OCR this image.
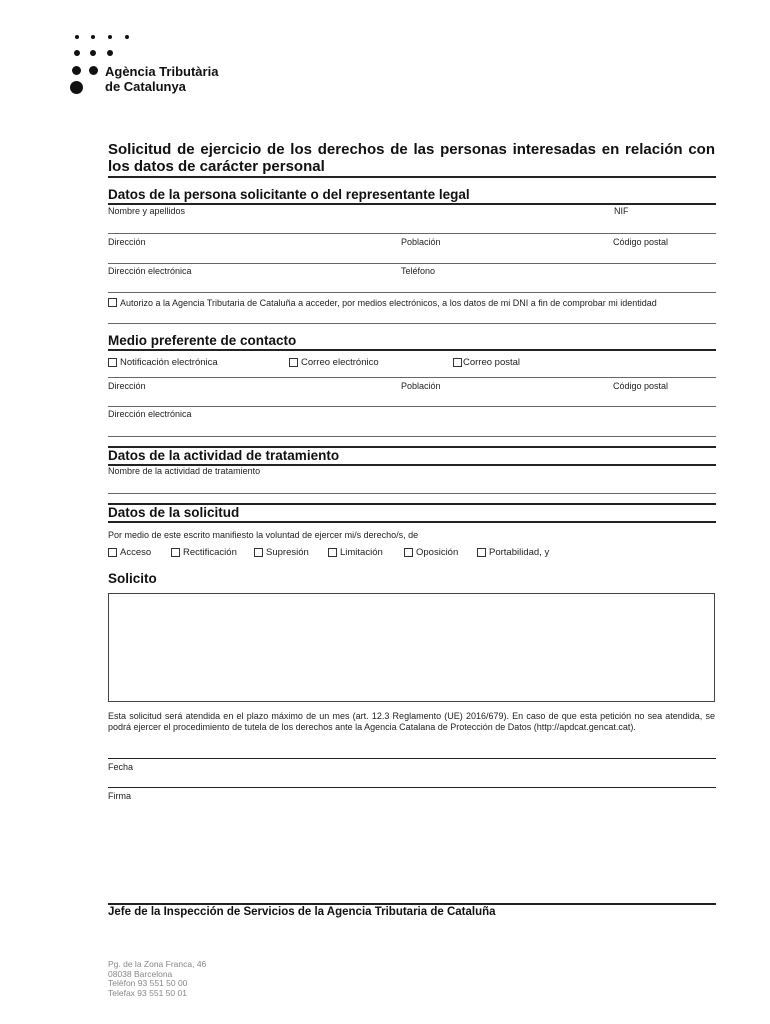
Agència Tributària
de Catalunya
Solicitud de ejercicio de los derechos de las personas interesadas en relación con los datos de carácter personal
Datos de la persona solicitante o del representante legal
Nombre y apellidos	NIF
Dirección	Población	Código postal
Dirección electrónica	Teléfono
Autorizo a la Agencia Tributaria de Cataluña a acceder, por medios electrónicos, a los datos de mi DNI a fin de comprobar mi identidad
Medio preferente de contacto
Notificación electrónica	Correo electrónico	Correo postal
Dirección	Población	Código postal
Dirección electrónica
Datos de la actividad de tratamiento
Nombre de la actividad de tratamiento
Datos de la solicitud
Por medio de este escrito manifiesto la voluntad de ejercer mi/s derecho/s, de
Acceso	Rectificación	Supresión	Limitación	Oposición	Portabilidad, y
Solicito
Esta solicitud será atendida en el plazo máximo de un mes (art. 12.3 Reglamento (UE) 2016/679). En caso de que esta petición no sea atendida, se podrá ejercer el procedimiento de tutela de los derechos ante la Agencia Catalana de Protección de Datos (http://apdcat.gencat.cat).
Fecha
Firma
Jefe de la Inspección de Servicios de la Agencia Tributaria de Cataluña
Pg. de la Zona Franca, 46
08038 Barcelona
Telèfon 93 551 50 00
Telefax 93 551 50 01
